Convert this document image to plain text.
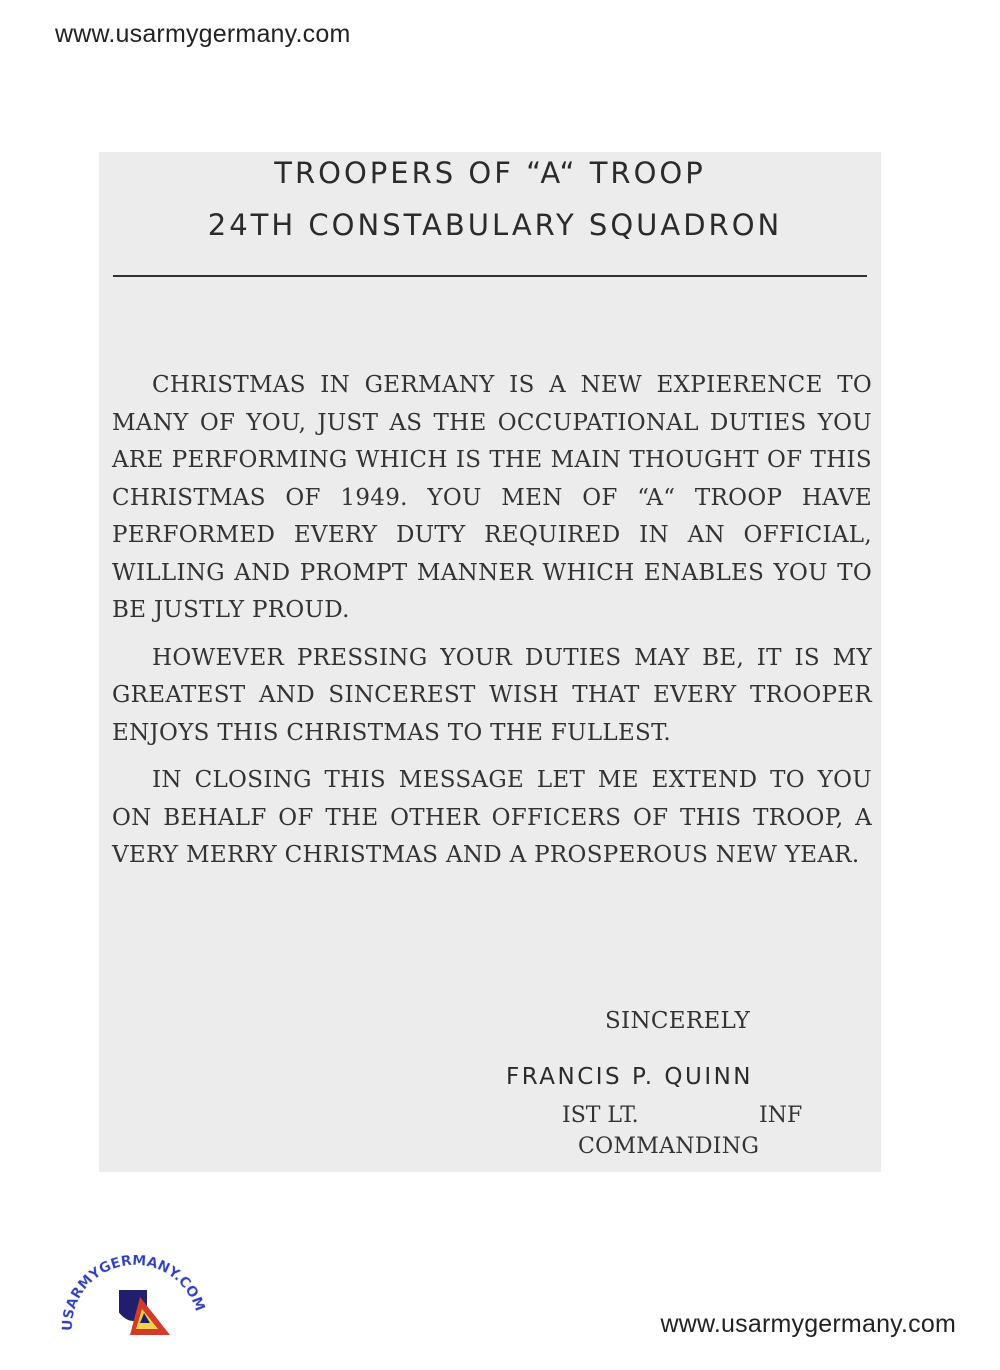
www.usarmygermany.com
TROOPERS OF “A“ TROOP
24TH CONSTABULARY SQUADRON

CHRISTMAS IN GERMANY IS A NEW EXPIERENCE TO MANY OF YOU, JUST AS THE OCCUPATIONAL DUTIES YOU ARE PERFORMING WHICH IS THE MAIN THOUGHT OF THIS CHRISTMAS OF 1949. YOU MEN OF “A“ TROOP HAVE PERFORMED EVERY DUTY REQUIRED IN AN OFFICIAL, WILLING AND PROMPT MANNER WHICH ENABLES YOU TO BE JUSTLY PROUD.

HOWEVER PRESSING YOUR DUTIES MAY BE, IT IS MY GREATEST AND SINCEREST WISH THAT EVERY TROOPER ENJOYS THIS CHRISTMAS TO THE FULLEST.

IN CLOSING THIS MESSAGE LET ME EXTEND TO YOU ON BEHALF OF THE OTHER OFFICERS OF THIS TROOP, A VERY MERRY CHRISTMAS AND A PROSPEROUS NEW YEAR.

SINCERELY
FRANCIS P. QUINN
IST LT.	INF
COMMANDING
USARMYGERMANY.COM
www.usarmygermany.com
